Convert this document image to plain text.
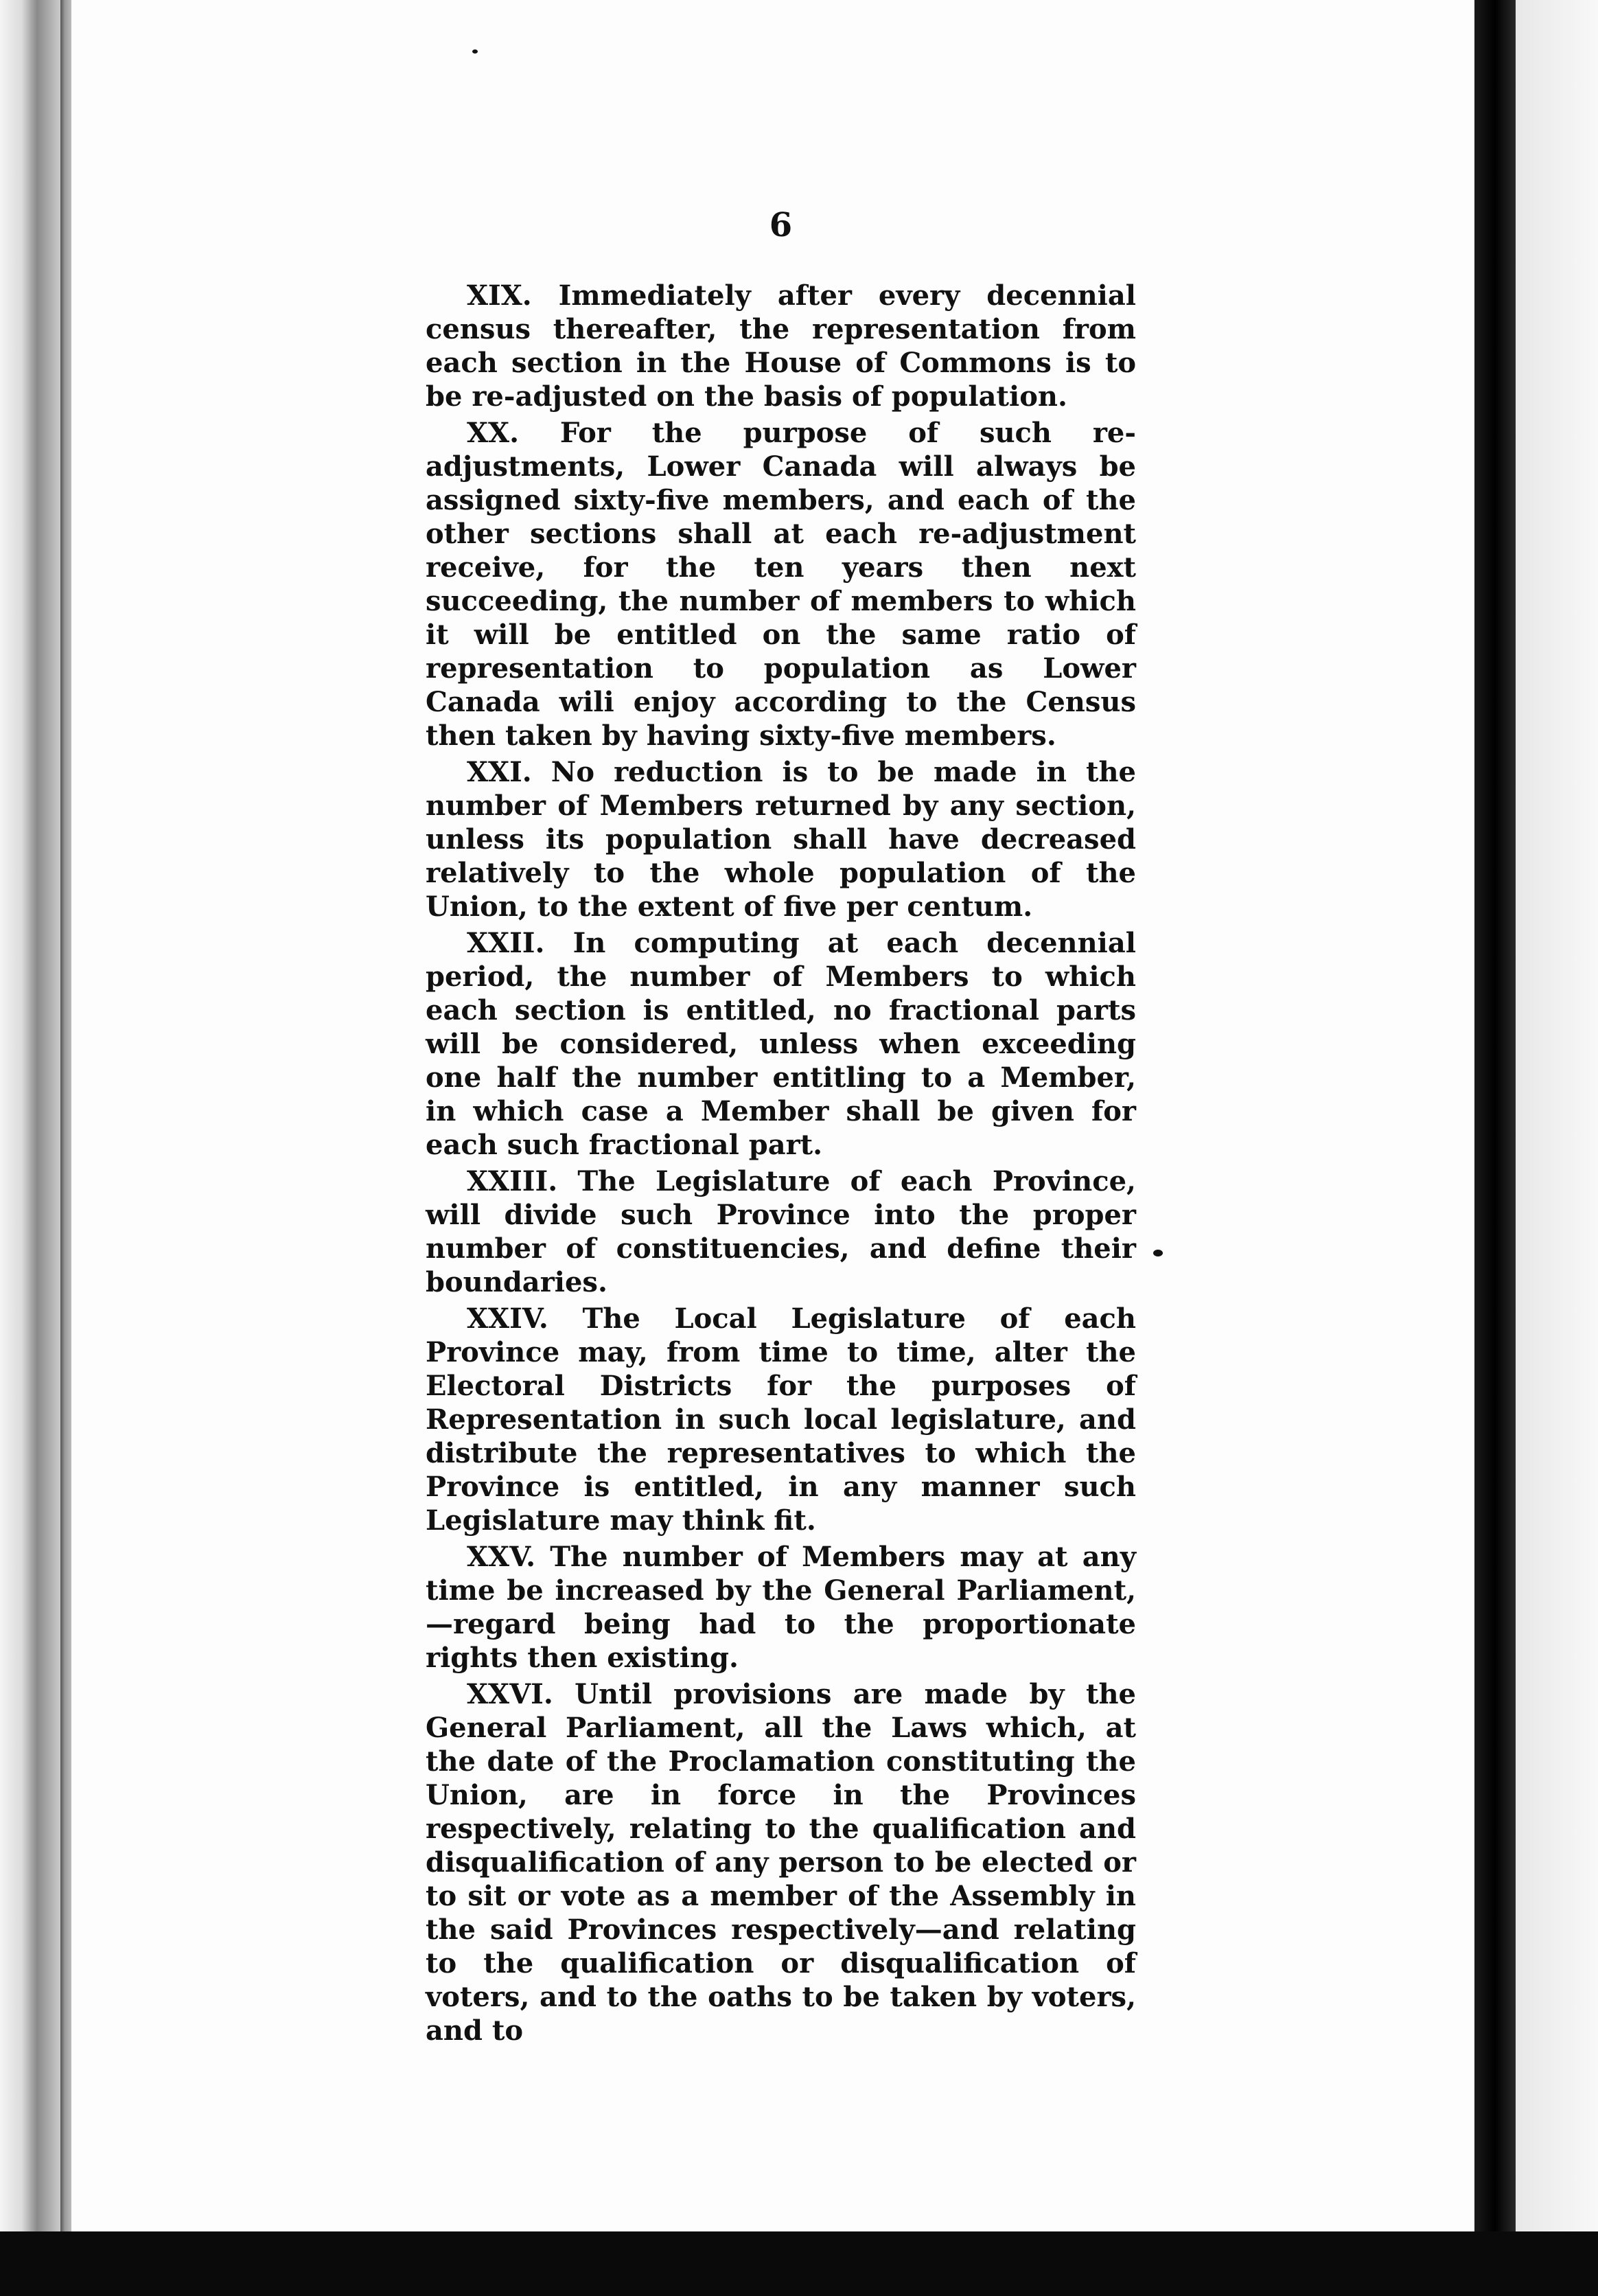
6

XIX. Immediately after every decennial census thereafter, the representation from each section in the House of Commons is to be re-adjusted on the basis of population.

XX. For the purpose of such re-adjustments, Lower Canada will always be assigned sixty-five members, and each of the other sections shall at each re-adjustment receive, for the ten years then next succeeding, the number of members to which it will be entitled on the same ratio of representation to population as Lower Canada wili enjoy according to the Census then taken by having sixty-five members.

XXI. No reduction is to be made in the number of Members returned by any section, unless its population shall have decreased relatively to the whole population of the Union, to the extent of five per centum.

XXII. In computing at each decennial period, the number of Members to which each section is entitled, no fractional parts will be considered, unless when exceeding one half the number entitling to a Member, in which case a Member shall be given for each such fractional part.

XXIII. The Legislature of each Province, will divide such Province into the proper number of constituencies, and define their boundaries.

XXIV. The Local Legislature of each Province may, from time to time, alter the Electoral Districts for the purposes of Representation in such local legislature, and distribute the representatives to which the Province is entitled, in any manner such Legislature may think fit.

XXV. The number of Members may at any time be increased by the General Parliament,—regard being had to the proportionate rights then existing.

XXVI. Until provisions are made by the General Parliament, all the Laws which, at the date of the Proclamation constituting the Union, are in force in the Provinces respectively, relating to the qualification and disqualification of any person to be elected or to sit or vote as a member of the Assembly in the said Provinces respectively—and relating to the qualification or disqualification of voters, and to the oaths to be taken by voters, and to
